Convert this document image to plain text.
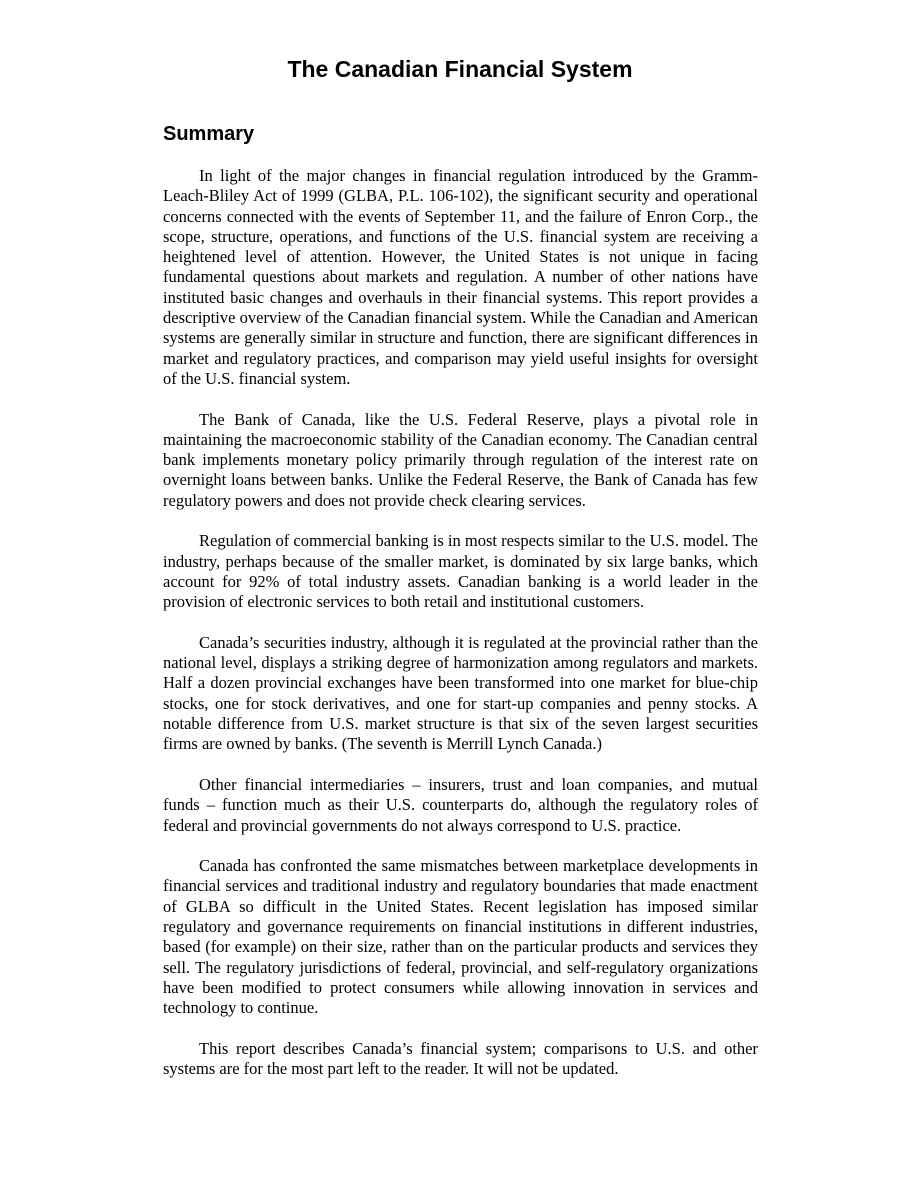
The Canadian Financial System
Summary

In light of the major changes in financial regulation introduced by the Gramm-Leach-Bliley Act of 1999 (GLBA, P.L. 106-102), the significant security and operational concerns connected with the events of September 11, and the failure of Enron Corp., the scope, structure, operations, and functions of the U.S. financial system are receiving a heightened level of attention. However, the United States is not unique in facing fundamental questions about markets and regulation. A number of other nations have instituted basic changes and overhauls in their financial systems. This report provides a descriptive overview of the Canadian financial system. While the Canadian and American systems are generally similar in structure and function, there are significant differences in market and regulatory practices, and comparison may yield useful insights for oversight of the U.S. financial system.

The Bank of Canada, like the U.S. Federal Reserve, plays a pivotal role in maintaining the macroeconomic stability of the Canadian economy. The Canadian central bank implements monetary policy primarily through regulation of the interest rate on overnight loans between banks. Unlike the Federal Reserve, the Bank of Canada has few regulatory powers and does not provide check clearing services.

Regulation of commercial banking is in most respects similar to the U.S. model. The industry, perhaps because of the smaller market, is dominated by six large banks, which account for 92% of total industry assets. Canadian banking is a world leader in the provision of electronic services to both retail and institutional customers.

Canada’s securities industry, although it is regulated at the provincial rather than the national level, displays a striking degree of harmonization among regulators and markets. Half a dozen provincial exchanges have been transformed into one market for blue-chip stocks, one for stock derivatives, and one for start-up companies and penny stocks. A notable difference from U.S. market structure is that six of the seven largest securities firms are owned by banks. (The seventh is Merrill Lynch Canada.)

Other financial intermediaries – insurers, trust and loan companies, and mutual funds – function much as their U.S. counterparts do, although the regulatory roles of federal and provincial governments do not always correspond to U.S. practice.

Canada has confronted the same mismatches between marketplace developments in financial services and traditional industry and regulatory boundaries that made enactment of GLBA so difficult in the United States. Recent legislation has imposed similar regulatory and governance requirements on financial institutions in different industries, based (for example) on their size, rather than on the particular products and services they sell. The regulatory jurisdictions of federal, provincial, and self-regulatory organizations have been modified to protect consumers while allowing innovation in services and technology to continue.

This report describes Canada’s financial system; comparisons to U.S. and other systems are for the most part left to the reader. It will not be updated.
